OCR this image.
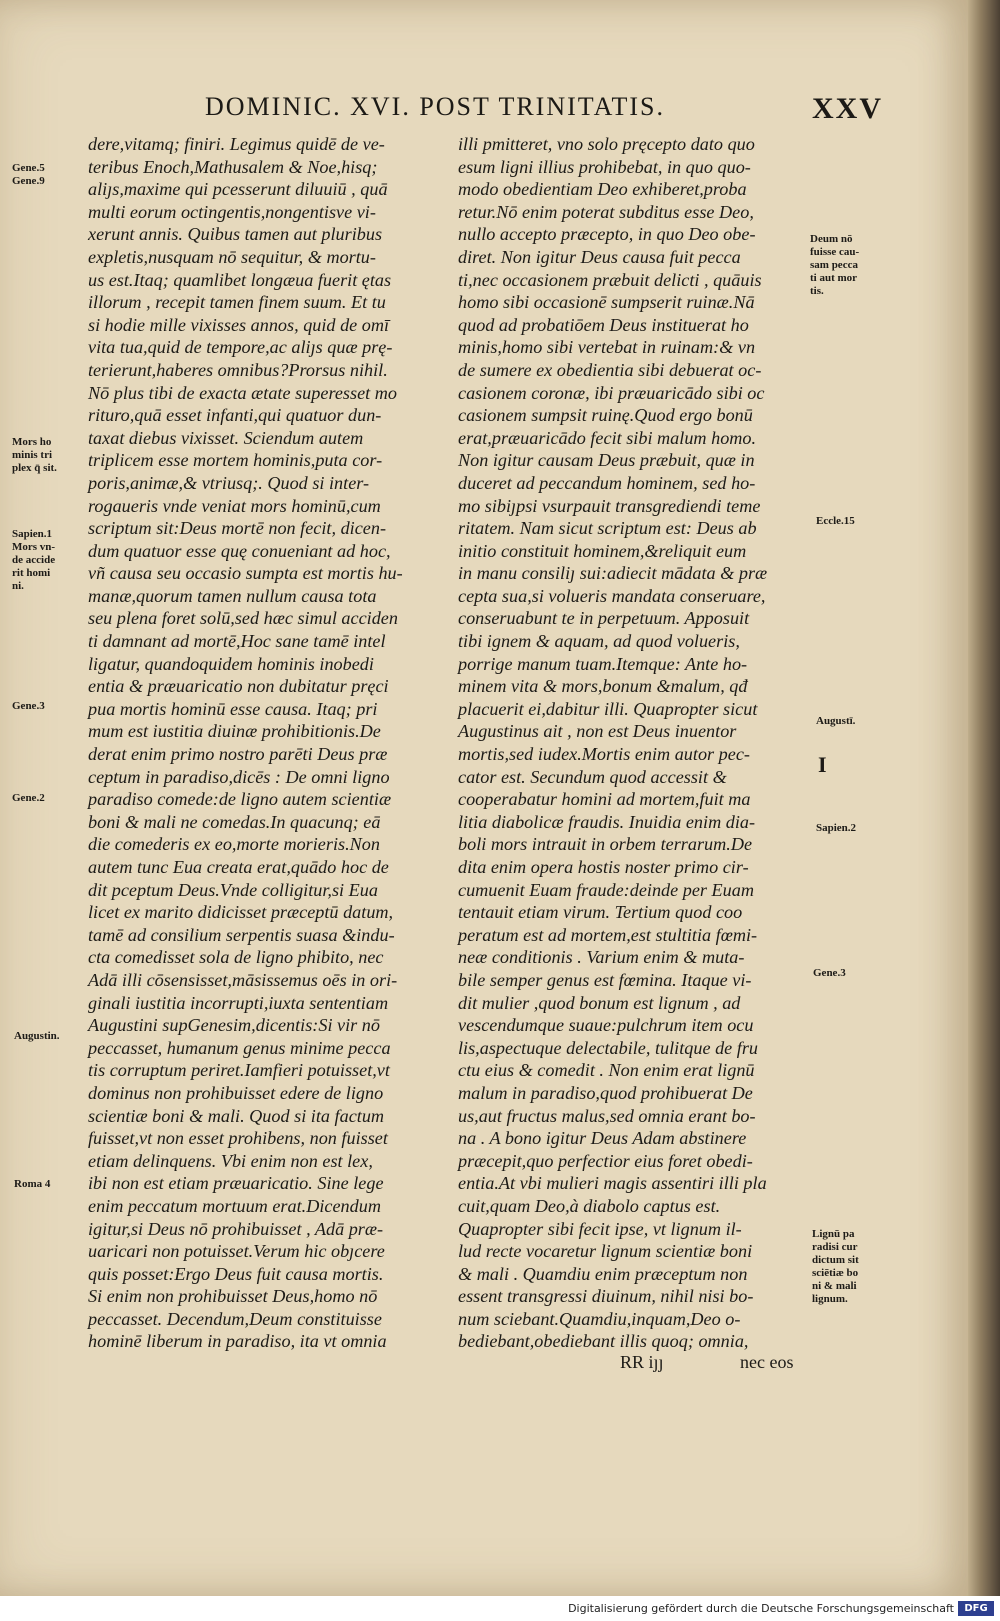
DOMINIC. XVI. POST TRINITATIS.	XXV
dere,vitamq; finiri. Legimus quidē de ve-
teribus Enoch,Mathusalem & Noe,hisq;
aliȷs,maxime qui pcesserunt diluuiū , quā
multi eorum octingentis,nongentisve vi-
xerunt annis. Quibus tamen aut pluribus
expletis,nusquam nō sequitur, & mortu-
us est.Itaq; quamlibet longæua fuerit ętas
illorum , recepit tamen finem suum. Et tu
si hodie mille vixisses annos, quid de omī
vita tua,quid de tempore,ac aliȷs quæ prę-
terierunt,haberes omnibus?Prorsus nihil.
Nō plus tibi de exacta ætate superesset mo
rituro,quā esset infanti,qui quatuor dun-
taxat diebus vixisset. Sciendum autem
triplicem esse mortem hominis,puta cor-
poris,animæ,& vtriusq;. Quod si inter-
rogaueris vnde veniat mors hominū,cum
scriptum sit:Deus mortē non fecit, dicen-
dum quatuor esse quę conueniant ad hoc,
vñ causa seu occasio sumpta est mortis hu-
manæ,quorum tamen nullum causa tota
seu plena foret solū,sed hæc simul acciden
ti damnant ad mortē,Hoc sane tamē intel
ligatur, quandoquidem hominis inobedi
entia & præuaricatio non dubitatur pręci
pua mortis hominū esse causa. Itaq; pri
mum est iustitia diuinæ prohibitionis.De
derat enim primo nostro parēti Deus præ
ceptum in paradiso,dicēs : De omni ligno
paradiso comede:de ligno autem scientiæ
boni & mali ne comedas.In quacunq; eā
die comederis ex eo,morte morieris.Non
autem tunc Eua creata erat,quādo hoc de
dit pceptum Deus.Vnde colligitur,si Eua
licet ex marito didicisset præceptū datum,
tamē ad consilium serpentis suasa &indu-
cta comedisset sola de ligno phibito, nec
Adā illi cōsensisset,māsissemus oēs in ori-
ginali iustitia incorrupti,iuxta sententiam
Augustini supGenesim,dicentis:Si vir nō
peccasset, humanum genus minime pecca
tis corruptum periret.Iamfieri potuisset,vt
dominus non prohibuisset edere de ligno
scientiæ boni & mali. Quod si ita factum
fuisset,vt non esset prohibens, non fuisset
etiam delinquens. Vbi enim non est lex,
ibi non est etiam præuaricatio. Sine lege
enim peccatum mortuum erat.Dicendum
igitur,si Deus nō prohibuisset , Adā præ-
uaricari non potuisset.Verum hic obȷcere
quis posset:Ergo Deus fuit causa mortis.
Si enim non prohibuisset Deus,homo nō
peccasset. Decendum,Deum constituisse
hominē liberum in paradiso, ita vt omnia
illi pmitteret, vno solo pręcepto dato quo
esum ligni illius prohibebat, in quo quo-
modo obedientiam Deo exhiberet,proba
retur.Nō enim poterat subditus esse Deo,
nullo accepto præcepto, in quo Deo obe-
diret. Non igitur Deus causa fuit pecca
ti,nec occasionem præbuit delicti , quāuis
homo sibi occasionē sumpserit ruinæ.Nā
quod ad probatiōem Deus instituerat ho
minis,homo sibi vertebat in ruinam:& vn
de sumere ex obedientia sibi debuerat oc-
casionem coronæ, ibi præuaricādo sibi oc
casionem sumpsit ruinę.Quod ergo bonū
erat,præuaricādo fecit sibi malum homo.
Non igitur causam Deus præbuit, quæ in
duceret ad peccandum hominem, sed ho-
mo sibiȷpsi vsurpauit transgrediendi teme
ritatem. Nam sicut scriptum est: Deus ab
initio constituit hominem,&reliquit eum
in manu consiliȷ sui:adiecit mādata & præ
cepta sua,si volueris mandata conseruare,
conseruabunt te in perpetuum. Apposuit
tibi ignem & aquam, ad quod volueris,
porrige manum tuam.Itemque: Ante ho-
minem vita & mors,bonum &malum, qđ
placuerit ei,dabitur illi. Quapropter sicut
Augustinus ait , non est Deus inuentor
mortis,sed iudex.Mortis enim autor pec-
cator est. Secundum quod accessit &
cooperabatur homini ad mortem,fuit ma
litia diabolicæ fraudis. Inuidia enim dia-
boli mors intrauit in orbem terrarum.De
dita enim opera hostis noster primo cir-
cumuenit Euam fraude:deinde per Euam
tentauit etiam virum. Tertium quod coo
peratum est ad mortem,est stultitia fœmi-
neæ conditionis . Varium enim & muta-
bile semper genus est fœmina. Itaque vi-
dit mulier ,quod bonum est lignum , ad
vescendumque suaue:pulchrum item ocu
lis,aspectuque delectabile, tulitque de fru
ctu eius & comedit . Non enim erat lignū
malum in paradiso,quod prohibuerat De
us,aut fructus malus,sed omnia erant bo-
na . A bono igitur Deus Adam abstinere
præcepit,quo perfectior eius foret obedi-
entia.At vbi mulieri magis assentiri illi pla
cuit,quam Deo,à diabolo captus est.
Quapropter sibi fecit ipse, vt lignum il-
lud recte vocaretur lignum scientiæ boni
& mali . Quamdiu enim præceptum non
essent transgressi diuinum, nihil nisi bo-
num sciebant.Quamdiu,inquam,Deo o-
bediebant,obediebant illis quoq; omnia,
Gene.5
Gene.9
Mors ho
minis tri
plex q̄ sit.
Sapien.1
Mors vn-
de accide
rit homi
ni.
Gene.3
Gene.2
Augustin.
Roma 4
Deum nō
fuisse cau-
sam pecca
ti aut mor
tis.
Eccle.15
Augustī.
I
Sapien.2
Gene.3
Lignū pa
radisi cur
dictum sit
sciētiæ bo
ni & mali
lignum.
RR iȷȷ	nec eos
Digitalisierung gefördert durch die Deutsche Forschungsgemeinschaft	DFG
